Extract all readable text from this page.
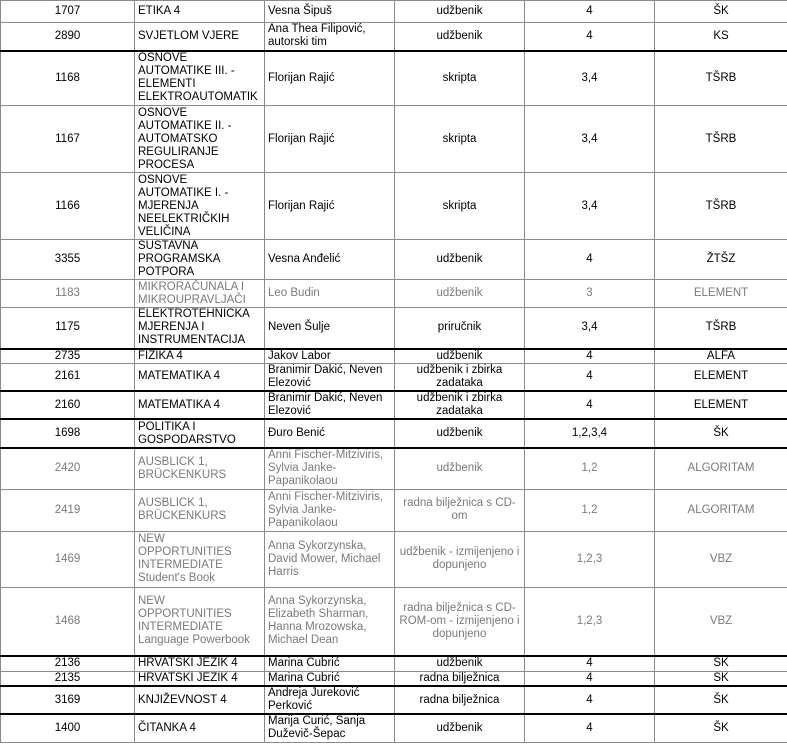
1707	ETIKA 4	Vesna Šipuš	udžbenik	4	ŠK
2890	SVJETLOM VJERE	Ana Thea Filipović, autorski tim	udžbenik	4	KS
1168	OSNOVE AUTOMATIKE III. - ELEMENTI ELEKTROAUTOMATIK	Florijan Rajić	skripta	3,4	TŠRB
1167	OSNOVE AUTOMATIKE II. - AUTOMATSKO REGULIRANJE PROCESA	Florijan Rajić	skripta	3,4	TŠRB
1166	OSNOVE AUTOMATIKE I. - MJERENJA NEELEKTRIČKIH VELIČINA	Florijan Rajić	skripta	3,4	TŠRB
3355	SUSTAVNA PROGRAMSKA POTPORA	Vesna Anđelić	udžbenik	4	ŽTŠZ
1183	MIKRORAČUNALA I MIKROUPRAVLJAČI	Leo Budin	udžbenik	3	ELEMENT
1175	ELEKTROTEHNIČKA MJERENJA I INSTRUMENTACIJA	Neven Šulje	priručnik	3,4	TŠRB
2735	FIZIKA 4	Jakov Labor	udžbenik	4	ALFA
2161	MATEMATIKA 4	Branimir Dakić, Neven Elezović	udžbenik i zbirka zadataka	4	ELEMENT
2160	MATEMATIKA 4	Branimir Dakić, Neven Elezović	udžbenik i zbirka zadataka	4	ELEMENT
1698	POLITIKA I GOSPODARSTVO	Đuro Benić	udžbenik	1,2,3,4	ŠK
2420	AUSBLICK 1, BRÜCKENKURS	Anni Fischer-Mitziviris, Sylvia Janke-Papanikolaou	udžbenik	1,2	ALGORITAM
2419	AUSBLICK 1, BRÜCKENKURS	Anni Fischer-Mitziviris, Sylvia Janke-Papanikolaou	radna bilježnica s CD-om	1,2	ALGORITAM
1469	NEW OPPORTUNITIES INTERMEDIATE Student's Book	Anna Sykorzynska, David Mower, Michael Harris	udžbenik - izmijenjeno i dopunjeno	1,2,3	VBZ
1468	NEW OPPORTUNITIES INTERMEDIATE Language Powerbook	Anna Sykorzynska, Elizabeth Sharman, Hanna Mrozowska, Michael Dean	radna bilježnica s CD-ROM-om - izmijenjeno i dopunjeno	1,2,3	VBZ
2136	HRVATSKI JEZIK 4	Marina Čubrić	udžbenik	4	ŠK
2135	HRVATSKI JEZIK 4	Marina Čubrić	radna bilježnica	4	ŠK
3169	KNJIŽEVNOST 4	Andreja Jureković Perković	radna bilježnica	4	ŠK
1400	ČITANKA 4	Marija Čurić, Sanja Duževič-Šepac	udžbenik	4	ŠK
